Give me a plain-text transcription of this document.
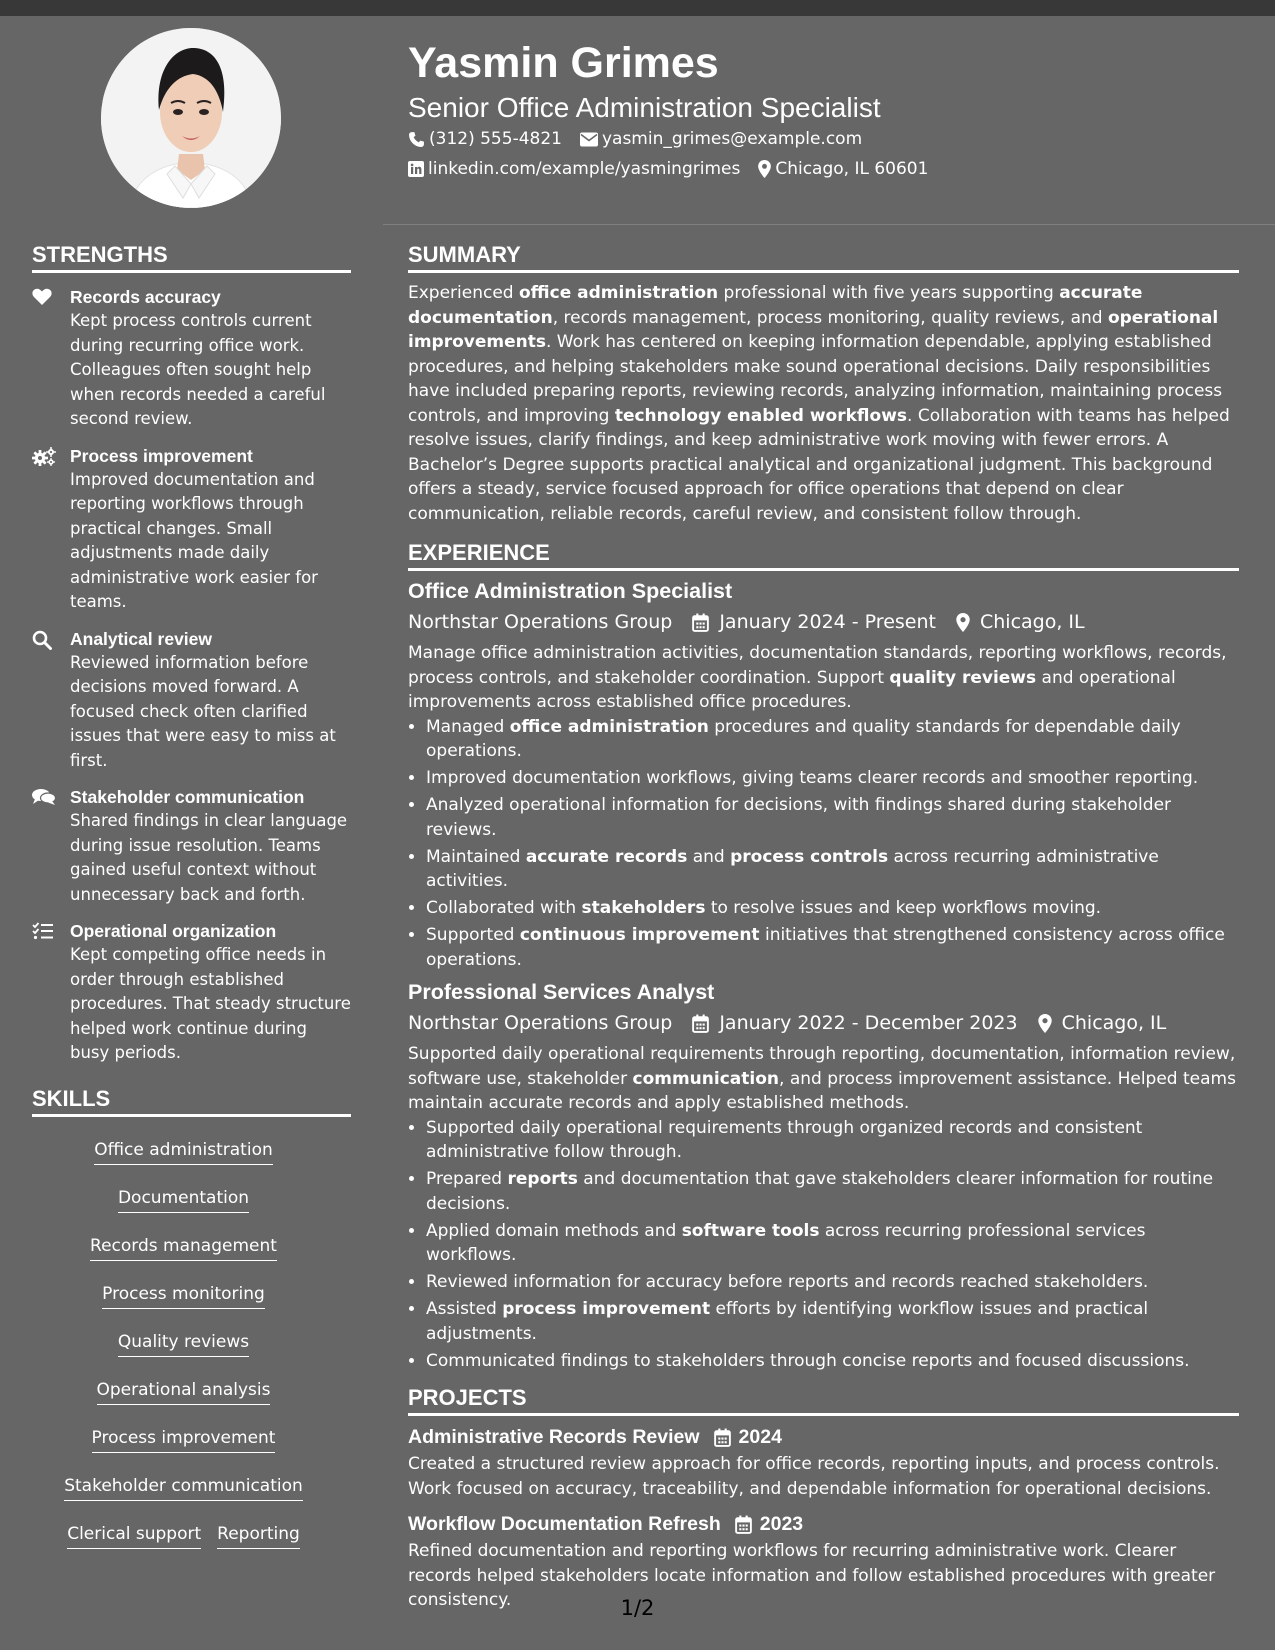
Yasmin Grimes
Senior Office Administration Specialist
(312) 555-4821 yasmin_grimes@example.com
linkedin.com/example/yasmingrimes Chicago, IL 60601
STRENGTHS
Records accuracy
Kept process controls current during recurring office work. Colleagues often sought help when records needed a careful second review.
Process improvement
Improved documentation and reporting workflows through practical changes. Small adjustments made daily administrative work easier for teams.
Analytical review
Reviewed information before decisions moved forward. A focused check often clarified issues that were easy to miss at first.
Stakeholder communication
Shared findings in clear language during issue resolution. Teams gained useful context without unnecessary back and forth.
Operational organization
Kept competing office needs in order through established procedures. That steady structure helped work continue during busy periods.
SKILLS
Office administration
Documentation
Records management
Process monitoring
Quality reviews
Operational analysis
Process improvement
Stakeholder communication
Clerical support Reporting
SUMMARY

Experienced office administration professional with five years supporting accurate documentation, records management, process monitoring, quality reviews, and operational improvements. Work has centered on keeping information dependable, applying established procedures, and helping stakeholders make sound operational decisions. Daily responsibilities have included preparing reports, reviewing records, analyzing information, maintaining process controls, and improving technology enabled workflows. Collaboration with teams has helped resolve issues, clarify findings, and keep administrative work moving with fewer errors. A Bachelor’s Degree supports practical analytical and organizational judgment. This background offers a steady, service focused approach for office operations that depend on clear communication, reliable records, careful review, and consistent follow through.

EXPERIENCE
Office Administration Specialist
Northstar Operations Group January 2024 - Present Chicago, IL

Manage office administration activities, documentation standards, reporting workflows, records, process controls, and stakeholder coordination. Support quality reviews and operational improvements across established office procedures.

• Managed office administration procedures and quality standards for dependable daily operations.
• Improved documentation workflows, giving teams clearer records and smoother reporting.
• Analyzed operational information for decisions, with findings shared during stakeholder reviews.
• Maintained accurate records and process controls across recurring administrative activities.
• Collaborated with stakeholders to resolve issues and keep workflows moving.
• Supported continuous improvement initiatives that strengthened consistency across office operations.
Professional Services Analyst
Northstar Operations Group January 2022 - December 2023 Chicago, IL

Supported daily operational requirements through reporting, documentation, information review, software use, stakeholder communication, and process improvement assistance. Helped teams maintain accurate records and apply established methods.

• Supported daily operational requirements through organized records and consistent administrative follow through.
• Prepared reports and documentation that gave stakeholders clearer information for routine decisions.
• Applied domain methods and software tools across recurring professional services workflows.
• Reviewed information for accuracy before reports and records reached stakeholders.
• Assisted process improvement efforts by identifying workflow issues and practical adjustments.
• Communicated findings to stakeholders through concise reports and focused discussions.
PROJECTS
Administrative Records Review 2024

Created a structured review approach for office records, reporting inputs, and process controls. Work focused on accuracy, traceability, and dependable information for operational decisions.

Workflow Documentation Refresh 2023

Refined documentation and reporting workflows for recurring administrative work. Clearer records helped stakeholders locate information and follow established procedures with greater consistency.	1/2
